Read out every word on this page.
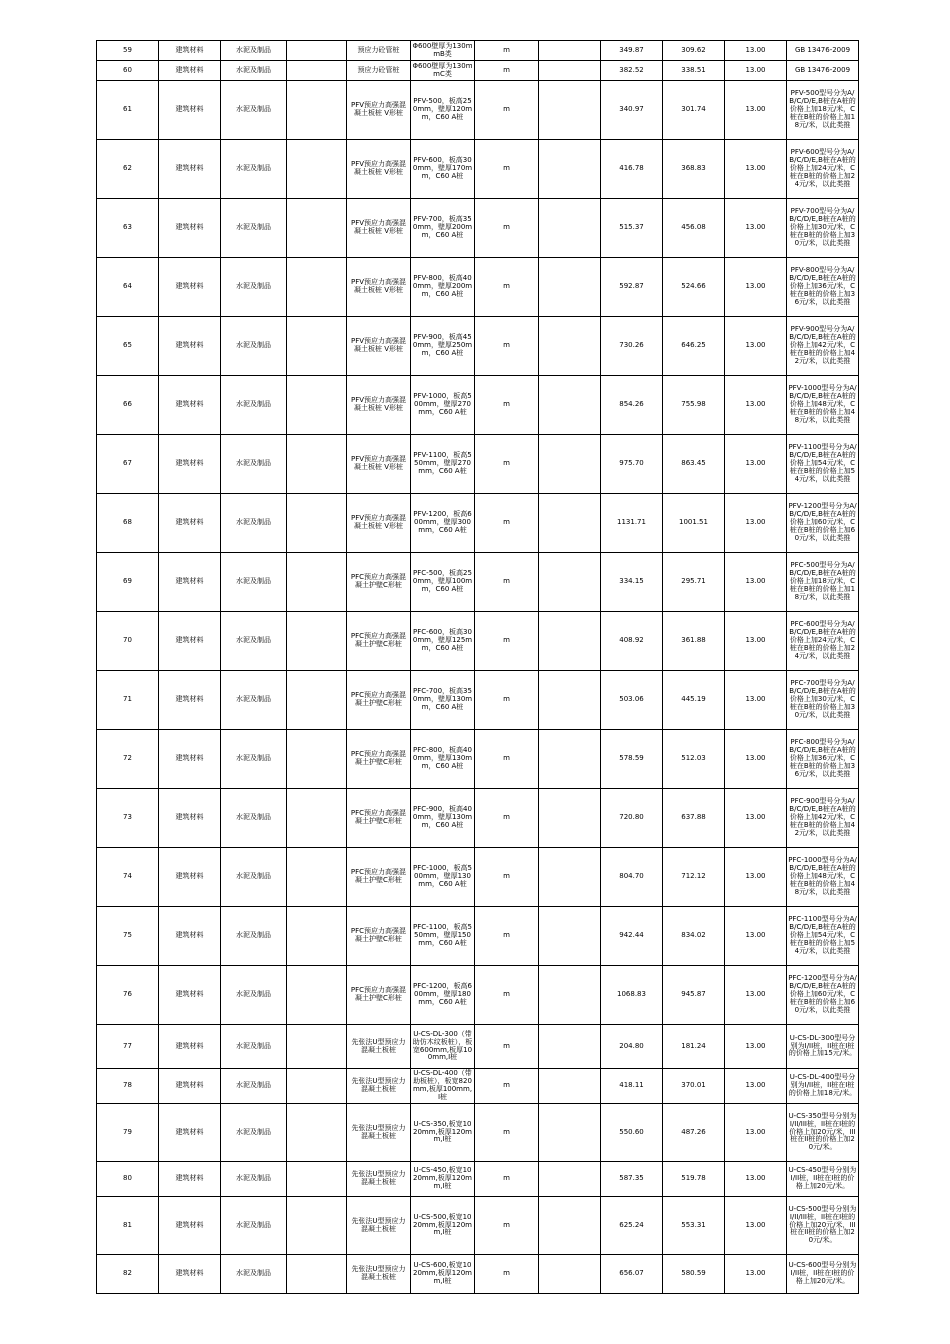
59	建筑材料	水泥及制品		预应力砼管桩	Φ600壁厚为130mmB类	m		349.87	309.62	13.00	GB 13476-2009
60	建筑材料	水泥及制品		预应力砼管桩	Φ600壁厚为130mmC类	m		382.52	338.51	13.00	GB 13476-2009
61	建筑材料	水泥及制品		PFV预应力高强混凝土板桩 V形桩	PFV-500，板高250mm，壁厚120mm，C60 A桩	m		340.97	301.74	13.00	PFV-500型号分为A/B/C/D/E,B桩在A桩的价格上加18元/米，C桩在B桩的价格上加18元/米，以此类推
62	建筑材料	水泥及制品		PFV预应力高强混凝土板桩 V形桩	PFV-600，板高300mm，壁厚170mm，C60 A桩	m		416.78	368.83	13.00	PFV-600型号分为A/B/C/D/E,B桩在A桩的价格上加24元/米，C桩在B桩的价格上加24元/米，以此类推
63	建筑材料	水泥及制品		PFV预应力高强混凝土板桩 V形桩	PFV-700，板高350mm，壁厚200mm，C60 A桩	m		515.37	456.08	13.00	PFV-700型号分为A/B/C/D/E,B桩在A桩的价格上加30元/米，C桩在B桩的价格上加30元/米，以此类推
64	建筑材料	水泥及制品		PFV预应力高强混凝土板桩 V形桩	PFV-800，板高400mm，壁厚200mm，C60 A桩	m		592.87	524.66	13.00	PFV-800型号分为A/B/C/D/E,B桩在A桩的价格上加36元/米，C桩在B桩的价格上加36元/米，以此类推
65	建筑材料	水泥及制品		PFV预应力高强混凝土板桩 V形桩	PFV-900，板高450mm，壁厚250mm，C60 A桩	m		730.26	646.25	13.00	PFV-900型号分为A/B/C/D/E,B桩在A桩的价格上加42元/米，C桩在B桩的价格上加42元/米，以此类推
66	建筑材料	水泥及制品		PFV预应力高强混凝土板桩 V形桩	PFV-1000，板高500mm，壁厚270mm，C60 A桩	m		854.26	755.98	13.00	PFV-1000型号分为A/B/C/D/E,B桩在A桩的价格上加48元/米，C桩在B桩的价格上加48元/米，以此类推
67	建筑材料	水泥及制品		PFV预应力高强混凝土板桩 V形桩	PFV-1100，板高550mm，壁厚270mm，C60 A桩	m		975.70	863.45	13.00	PFV-1100型号分为A/B/C/D/E,B桩在A桩的价格上加54元/米，C桩在B桩的价格上加54元/米，以此类推
68	建筑材料	水泥及制品		PFV预应力高强混凝土板桩 V形桩	PFV-1200，板高600mm，壁厚300mm，C60 A桩	m		1131.71	1001.51	13.00	PFV-1200型号分为A/B/C/D/E,B桩在A桩的价格上加60元/米，C桩在B桩的价格上加60元/米，以此类推
69	建筑材料	水泥及制品		PFC预应力高强混凝土护壁C形桩	PFC-500，板高250mm，壁厚100mm，C60 A桩	m		334.15	295.71	13.00	PFC-500型号分为A/B/C/D/E,B桩在A桩的价格上加18元/米，C桩在B桩的价格上加18元/米，以此类推
70	建筑材料	水泥及制品		PFC预应力高强混凝土护壁C形桩	PFC-600，板高300mm，壁厚125mm，C60 A桩	m		408.92	361.88	13.00	PFC-600型号分为A/B/C/D/E,B桩在A桩的价格上加24元/米，C桩在B桩的价格上加24元/米，以此类推
71	建筑材料	水泥及制品		PFC预应力高强混凝土护壁C形桩	PFC-700，板高350mm，壁厚130mm，C60 A桩	m		503.06	445.19	13.00	PFC-700型号分为A/B/C/D/E,B桩在A桩的价格上加30元/米，C桩在B桩的价格上加30元/米，以此类推
72	建筑材料	水泥及制品		PFC预应力高强混凝土护壁C形桩	PFC-800，板高400mm，壁厚130mm，C60 A桩	m		578.59	512.03	13.00	PFC-800型号分为A/B/C/D/E,B桩在A桩的价格上加36元/米，C桩在B桩的价格上加36元/米，以此类推
73	建筑材料	水泥及制品		PFC预应力高强混凝土护壁C形桩	PFC-900，板高400mm，壁厚130mm，C60 A桩	m		720.80	637.88	13.00	PFC-900型号分为A/B/C/D/E,B桩在A桩的价格上加42元/米，C桩在B桩的价格上加42元/米，以此类推
74	建筑材料	水泥及制品		PFC预应力高强混凝土护壁C形桩	PFC-1000，板高500mm，壁厚130mm，C60 A桩	m		804.70	712.12	13.00	PFC-1000型号分为A/B/C/D/E,B桩在A桩的价格上加48元/米，C桩在B桩的价格上加48元/米，以此类推
75	建筑材料	水泥及制品		PFC预应力高强混凝土护壁C形桩	PFC-1100，板高550mm，壁厚150mm，C60 A桩	m		942.44	834.02	13.00	PFC-1100型号分为A/B/C/D/E,B桩在A桩的价格上加54元/米，C桩在B桩的价格上加54元/米，以此类推
76	建筑材料	水泥及制品		PFC预应力高强混凝土护壁C形桩	PFC-1200，板高600mm，壁厚180mm，C60 A桩	m		1068.83	945.87	13.00	PFC-1200型号分为A/B/C/D/E,B桩在A桩的价格上加60元/米，C桩在B桩的价格上加60元/米，以此类推
77	建筑材料	水泥及制品		先张法U型预应力混凝土板桩	U-CS-DL-300（带助仿木纹板桩），板宽600mm,板厚100mm,I桩	m		204.80	181.24	13.00	U-CS-DL-300型号分别为I/II桩，II桩在I桩的价格上加15元/米。
78	建筑材料	水泥及制品		先张法U型预应力混凝土板桩	U-CS-DL-400（带助板桩），板宽820mm,板厚100mm,I桩	m		418.11	370.01	13.00	U-CS-DL-400型号分别为I/II桩，II桩在I桩的价格上加18元/米。
79	建筑材料	水泥及制品		先张法U型预应力混凝土板桩	U-CS-350,板宽1020mm,板厚120mm,I桩	m		550.60	487.26	13.00	U-CS-350型号分别为I/II/III桩，II桩在I桩的价格上加20元/米，III桩在II桩的价格上加20元/米。
80	建筑材料	水泥及制品		先张法U型预应力混凝土板桩	U-CS-450,板宽1020mm,板厚120mm,I桩	m		587.35	519.78	13.00	U-CS-450型号分别为I/II桩，II桩在I桩的价格上加20元/米。
81	建筑材料	水泥及制品		先张法U型预应力混凝土板桩	U-CS-500,板宽1020mm,板厚120mm,I桩	m		625.24	553.31	13.00	U-CS-500型号分别为I/II/III桩，II桩在I桩的价格上加20元/米，III桩在II桩的价格上加20元/米。
82	建筑材料	水泥及制品		先张法U型预应力混凝土板桩	U-CS-600,板宽1020mm,板厚120mm,I桩	m		656.07	580.59	13.00	U-CS-600型号分别为I/II桩，II桩在I桩的价格上加20元/米。
